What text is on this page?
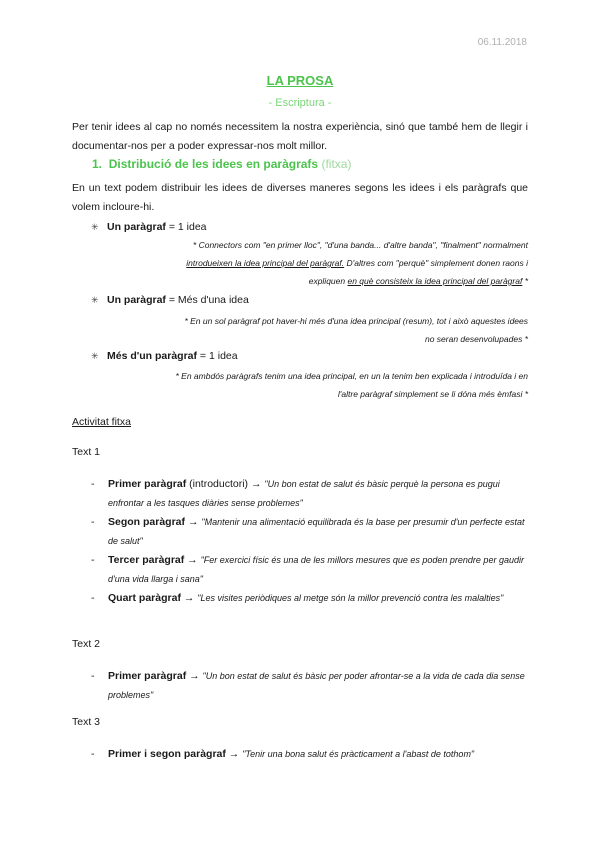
06.11.2018
LA PROSA
- Escriptura -
Per tenir idees al cap no només necessitem la nostra experiència, sinó que també hem de llegir i documentar-nos per a poder expressar-nos molt millor.
1. Distribució de les idees en paràgrafs (fitxa)
En un text podem distribuir les idees de diverses maneres segons les idees i els paràgrafs que volem incloure-hi.
✳ Un paràgraf = 1 idea
* Connectors com "en primer lloc", "d'una banda... d'altre banda", "finalment" normalment
introdueixen la idea principal del paràgraf. D'altres com "perquè" simplement donen raons i
expliquen en què consisteix la idea principal del paràgraf *
✳ Un paràgraf = Més d'una idea
* En un sol paràgraf pot haver-hi més d'una idea principal (resum), tot i això aquestes idees
no seran desenvolupades *
✳ Més d'un paràgraf = 1 idea
* En ambdós paràgrafs tenim una idea principal, en un la tenim ben explicada i introduïda i en
l'altre paràgraf simplement se li dóna més èmfasi *
Activitat fitxa
Text 1
- Primer paràgraf (introductori) → "Un bon estat de salut és bàsic perquè la persona es pugui enfrontar a les tasques diàries sense problemes"
- Segon paràgraf → "Mantenir una alimentació equilibrada és la base per presumir d'un perfecte estat de salut"
- Tercer paràgraf → "Fer exercici físic és una de les millors mesures que es poden prendre per gaudir d'una vida llarga i sana"
- Quart paràgraf → "Les visites periòdiques al metge són la millor prevenció contra les malalties"
Text 2
- Primer paràgraf → "Un bon estat de salut és bàsic per poder afrontar-se a la vida de cada dia sense problemes"
Text 3
- Primer i segon paràgraf → "Tenir una bona salut és pràcticament a l'abast de tothom"
